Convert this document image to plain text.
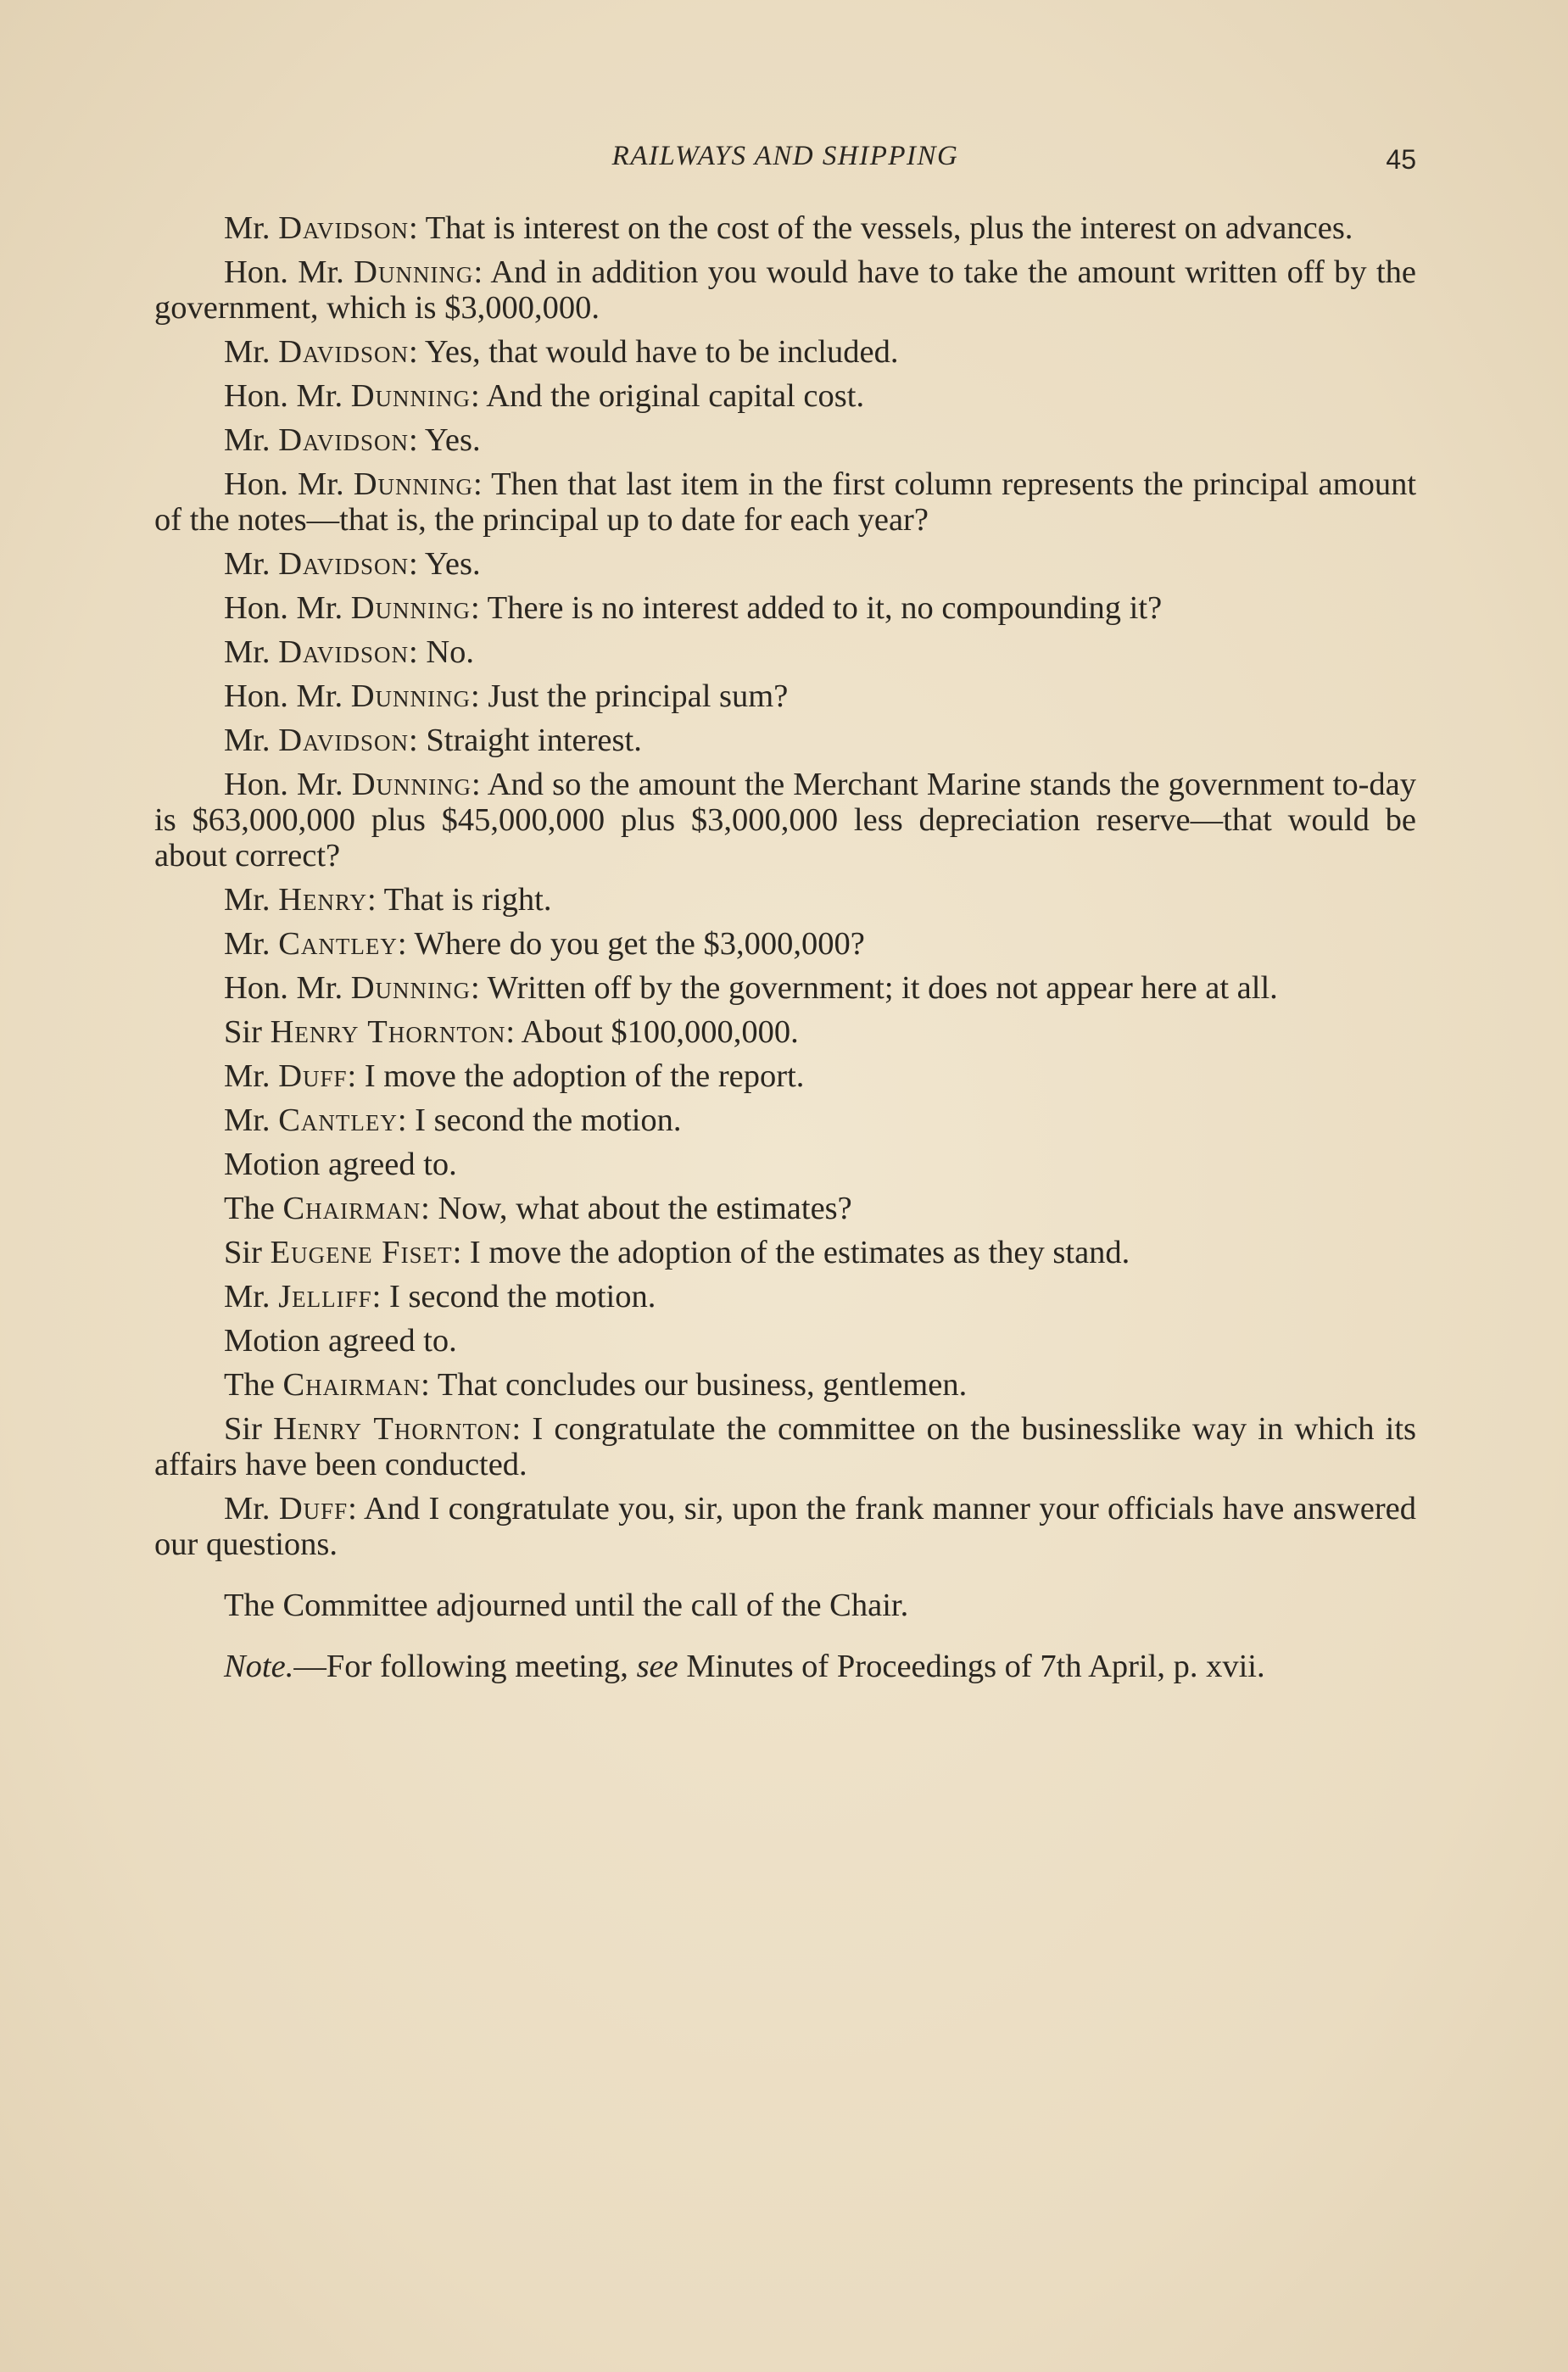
RAILWAYS AND SHIPPING	45

Mr. Davidson: That is interest on the cost of the vessels, plus the interest on advances.

Hon. Mr. Dunning: And in addition you would have to take the amount written off by the government, which is $3,000,000.

Mr. Davidson: Yes, that would have to be included.

Hon. Mr. Dunning: And the original capital cost.

Mr. Davidson: Yes.

Hon. Mr. Dunning: Then that last item in the first column represents the principal amount of the notes—that is, the principal up to date for each year?

Mr. Davidson: Yes.

Hon. Mr. Dunning: There is no interest added to it, no compounding it?

Mr. Davidson: No.

Hon. Mr. Dunning: Just the principal sum?

Mr. Davidson: Straight interest.

Hon. Mr. Dunning: And so the amount the Merchant Marine stands the government to-day is $63,000,000 plus $45,000,000 plus $3,000,000 less depreciation reserve—that would be about correct?

Mr. Henry: That is right.

Mr. Cantley: Where do you get the $3,000,000?

Hon. Mr. Dunning: Written off by the government; it does not appear here at all.

Sir Henry Thornton: About $100,000,000.

Mr. Duff: I move the adoption of the report.

Mr. Cantley: I second the motion.

Motion agreed to.

The Chairman: Now, what about the estimates?

Sir Eugene Fiset: I move the adoption of the estimates as they stand.

Mr. Jelliff: I second the motion.

Motion agreed to.

The Chairman: That concludes our business, gentlemen.

Sir Henry Thornton: I congratulate the committee on the businesslike way in which its affairs have been conducted.

Mr. Duff: And I congratulate you, sir, upon the frank manner your officials have answered our questions.

The Committee adjourned until the call of the Chair.

Note.—For following meeting, see Minutes of Proceedings of 7th April, p. xvii.
